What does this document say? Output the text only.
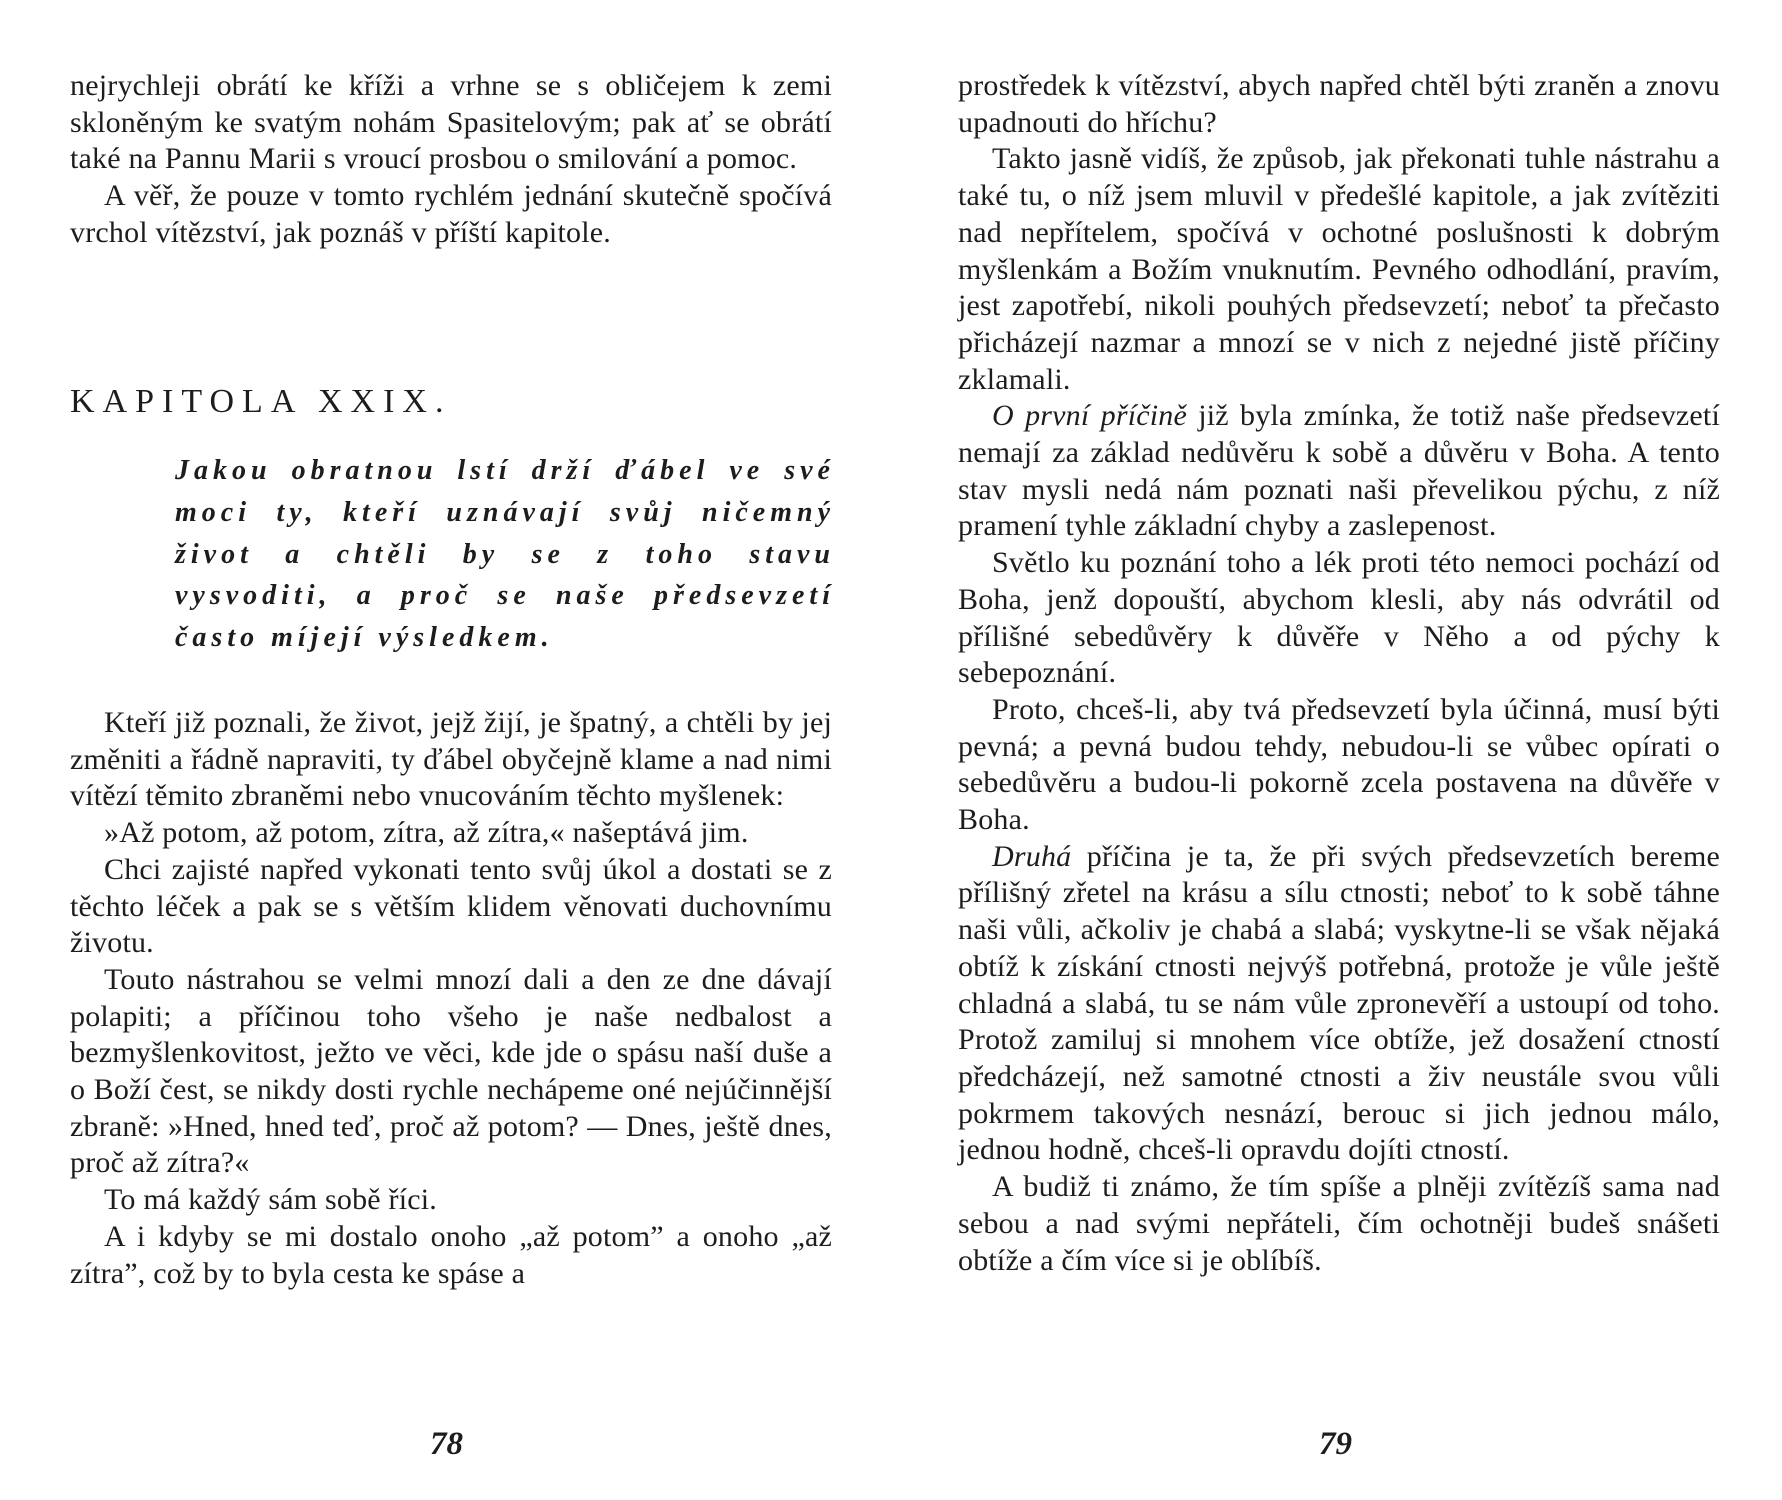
nejrychleji obrátí ke kříži a vrhne se s obličejem k zemi skloněným ke svatým nohám Spasitelovým; pak ať se obrátí také na Pannu Marii s vroucí prosbou o smilování a pomoc.

A věř, že pouze v tomto rychlém jednání skutečně spočívá vrchol vítězství, jak poznáš v příští kapitole.

KAPITOLA XXIX.
Jakou obratnou lstí drží ďábel ve své moci ty, kteří uznávají svůj ničemný život a chtěli by se z toho stavu vysvoditi, a proč se naše předsevzetí často míjejí výsledkem.

Kteří již poznali, že život, jejž žijí, je špatný, a chtěli by jej změniti a řádně napraviti, ty ďábel obyčejně klame a nad nimi vítězí těmito zbraněmi nebo vnucováním těchto myšlenek:

»Až potom, až potom, zítra, až zítra,« našeptává jim.

Chci zajisté napřed vykonati tento svůj úkol a dostati se z těchto léček a pak se s větším klidem věnovati duchovnímu životu.

Touto nástrahou se velmi mnozí dali a den ze dne dávají polapiti; a příčinou toho všeho je naše nedbalost a bezmyšlenkovitost, ježto ve věci, kde jde o spásu naší duše a o Boží čest, se nikdy dosti rychle nechápeme oné nejúčinnější zbraně: »Hned, hned teď, proč až potom? — Dnes, ještě dnes, proč až zítra?«

To má každý sám sobě říci.

A i kdyby se mi dostalo onoho „až potom” a onoho „až zítra”, což by to byla cesta ke spáse a

78

prostředek k vítězství, abych napřed chtěl býti zraněn a znovu upadnouti do hříchu?

Takto jasně vidíš, že způsob, jak překonati tuhle nástrahu a také tu, o níž jsem mluvil v předešlé kapitole, a jak zvítěziti nad nepřítelem, spočívá v ochotné poslušnosti k dobrým myšlenkám a Božím vnuknutím. Pevného odhodlání, pravím, jest zapotřebí, nikoli pouhých předsevzetí; neboť ta přečasto přicházejí nazmar a mnozí se v nich z nejedné jistě příčiny zklamali.

O první příčině již byla zmínka, že totiž naše předsevzetí nemají za základ nedůvěru k sobě a důvěru v Boha. A tento stav mysli nedá nám poznati naši převelikou pýchu, z níž pramení tyhle základní chyby a zaslepenost.

Světlo ku poznání toho a lék proti této nemoci pochází od Boha, jenž dopouští, abychom klesli, aby nás odvrátil od přílišné sebedůvěry k důvěře v Něho a od pýchy k sebepoznání.

Proto, chceš-li, aby tvá předsevzetí byla účinná, musí býti pevná; a pevná budou tehdy, nebudou-li se vůbec opírati o sebedůvěru a budou-li pokorně zcela postavena na důvěře v Boha.

Druhá příčina je ta, že při svých předsevzetích bereme přílišný zřetel na krásu a sílu ctnosti; neboť to k sobě táhne naši vůli, ačkoliv je chabá a slabá; vyskytne-li se však nějaká obtíž k získání ctnosti nejvýš potřebná, protože je vůle ještě chladná a slabá, tu se nám vůle zpronevěří a ustoupí od toho. Protož zamiluj si mnohem více obtíže, jež dosažení ctností předcházejí, než samotné ctnosti a živ neustále svou vůli pokrmem takových nesnází, berouc si jich jednou málo, jednou hodně, chceš-li opravdu dojíti ctností.

A budiž ti známo, že tím spíše a plněji zvítězíš sama nad sebou a nad svými nepřáteli, čím ochotněji budeš snášeti obtíže a čím více si je oblíbíš.

79
